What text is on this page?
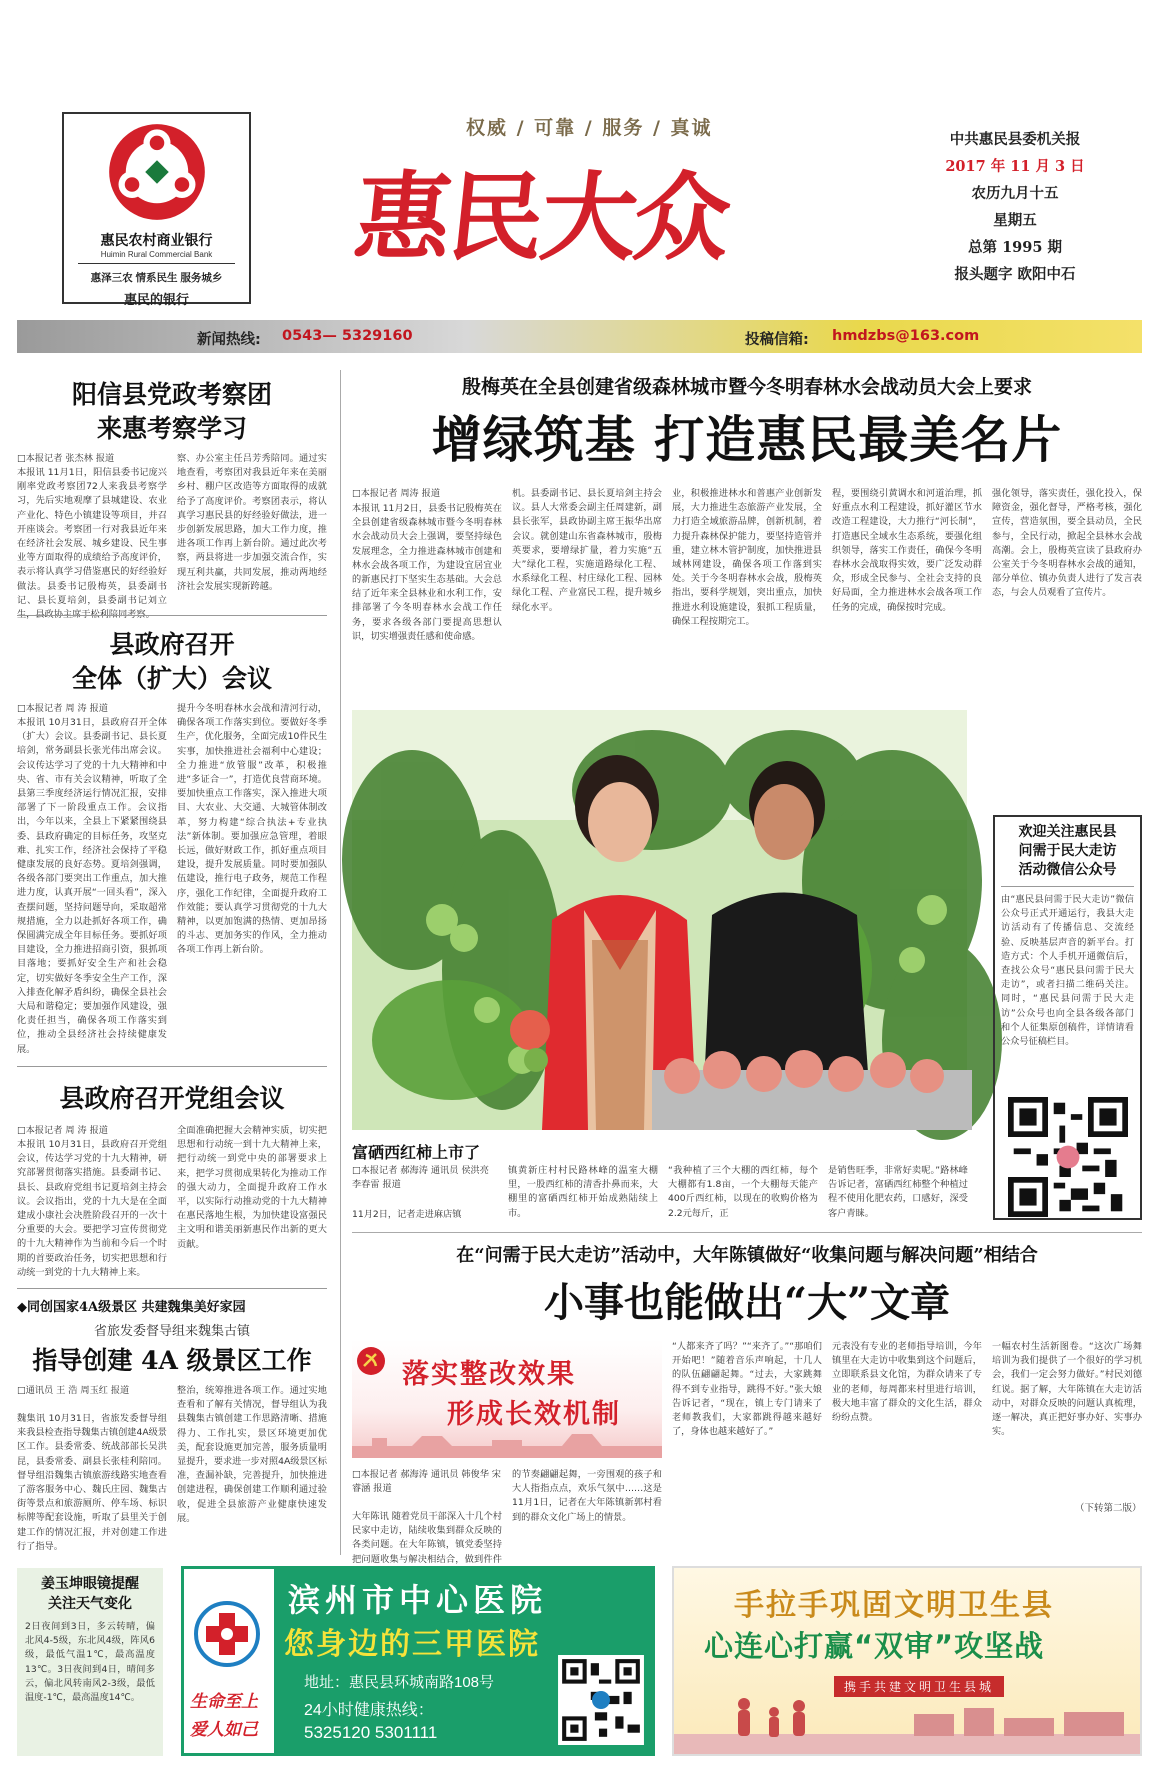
惠民农村商业银行
Huimin Rural Commercial Bank
惠泽三农 情系民生 服务城乡
惠民的银行
权威 / 可靠 / 服务 / 真诚
惠民大众
中共惠民县委机关报
2017 年 11 月 3 日
农历九月十五
星期五
总第 1995 期
报头题字 欧阳中石
新闻热线: 0543— 5329160	投稿信箱: hmdzbs@163.com
阳信县党政考察团
来惠考察学习
□本报记者 张杰林 报道
本报讯 11月1日，阳信县委书记庞兴刚率党政考察团72人来我县考察学习，先后实地观摩了县城建设、农业产业化、特色小镇建设等项目，并召开座谈会。考察团一行对我县近年来在经济社会发展、城乡建设、民生事业等方面取得的成绩给予高度评价，表示将认真学习借鉴惠民的好经验好做法。县委书记殷梅英，县委副书记、县长夏培剑，县委副书记刘立
察、办公室主任吕芳秀陪同。通过实地查看，考察团对我县近年来在美丽乡村、棚户区改造等方面取得的成就给予了高度评价。考察团表示，将认真学习惠民县的好经验好做法，进一步创新发展思路，加大工作力度，推进各项工作再上新台阶。通过此次考察，两县将进一步加强交流合作，实现互利共赢，共同发展，推动两地经济社会发展实现新跨越。
县政府召开
全体（扩大）会议
□本报记者 周 涛 报道
本报讯 10月31日，县政府召开全体（扩大）会议。县委副书记、县长夏培剑，常务副县长张光伟出席会议。会议传达学习了党的十九大精神和中央、省、市有关会议精神，听取了全县第三季度经济运行情况汇报，安排部署了下一阶段重点工作。会议指出，今年以来，全县上下紧紧围绕县委、县政府确定的目标任务，攻坚克难、扎实工作，经济社会保持了平稳健康发展的良好态势。夏培剑强调，各级各部门要突出工作重点，加大推进力度，认真开展“一回头看”，深入查摆问题，坚持问题导向，采取超常规措施，全力以赴抓好各项工作，确保圆满完成全年目标任务。要抓好项目建设，全力推进招商引资，狠抓项目落地；要抓好安全生产和社会稳定，切实做好冬季安全生产工作，深入排查化解矛盾纠纷，确保全县社会大局和谐稳定；要加强作风建设，强化责任担当，确保各项工作落实到位，推动全县经济社会持续健康发展。
提升今冬明春林水会战和清河行动，确保各项工作落实到位。要做好冬季生产，优化服务，全面完成10件民生实事，加快推进社会福利中心建设；全力推进“放管服”改革，积极推进“多证合一”，打造优良营商环境。要加快重点工作落实，深入推进大项目、大农业、大交通、大城管体制改革，努力构建“综合执法+专业执法”新体制。要加强应急管理，着眼长远，做好财政工作，抓好重点项目建设，提升发展质量。同时要加强队伍建设，推行电子政务，规范工作程序，强化工作纪律，全面提升政府工作效能；要认真学习贯彻党的十九大精神，以更加饱满的热情、更加昂扬的斗志、更加务实的作风，全力推动各项工作再上新台阶。
县政府召开党组会议
□本报记者 周 涛 报道
本报讯 10月31日，县政府召开党组会议，传达学习党的十九大精神，研究部署贯彻落实措施。县委副书记、县长、县政府党组书记夏培剑主持会议。会议指出，党的十九大是在全面建成小康社会决胜阶段召开的一次十分重要的大会。要把学习宣传贯彻党的十九大精神作为当前和今后一个时期的首要政治任务，切实把思想和行动统一到党的十九大精神上来。
全面准确把握大会精神实质，切实把思想和行动统一到十九大精神上来，把行动统一到党中央的部署要求上来，把学习贯彻成果转化为推动工作的强大动力，全面提升政府工作水平，以实际行动推动党的十九大精神在惠民落地生根，为加快建设富强民主文明和谐美丽新惠民作出新的更大贡献。
◆同创国家4A级景区 共建魏集美好家园
省旅发委督导组来魏集古镇
指导创建 4A 级景区工作
□通讯员 王 浩 周玉红 报道
魏集讯 10月31日，省旅发委督导组来我县检查指导魏集古镇创建4A级景区工作。县委常委、统战部部长吴洪昆，县委常委、副县长张桂利陪同。督导组沿魏集古镇旅游线路实地查看了游客服务中心、魏氏庄园、魏集古街等景点和旅游厕所、停车场、标识标牌等配套设施，听取了县里关于创建工作的情况汇报，并对创建工作进行了指导。
整治，统筹推进各项工作。通过实地查看和了解有关情况，督导组认为我县魏集古镇创建工作思路清晰、措施得力、工作扎实，景区环境更加优美，配套设施更加完善，服务质量明显提升，要求进一步对照4A级景区标准，查漏补缺，完善提升，加快推进创建进程，确保创建工作顺利通过验收，促进全县旅游产业健康快速发展。
殷梅英在全县创建省级森林城市暨今冬明春林水会战动员大会上要求
增绿筑基 打造惠民最美名片
□本报记者 周涛 报道
本报讯 11月2日，县委书记殷梅英在全县创建省级森林城市暨今冬明春林水会战动员大会上强调，要坚持绿色发展理念，全力推进森林城市创建和林水会战各项工作，为建设宜居宜业的新惠民打下坚实生态基础。大会总结了近年来全县林业和水利工作，安排部署了今冬明春林水会战工作任务，要求各级各部门要提高思想认识，切实增强责任感和使命感。
机。县委副书记、县长夏培剑主持会议。县人大常委会副主任周建新，副县长张军，县政协副主席王振华出席会议。就创建山东省森林城市，殷梅英要求，要增绿扩量，着力实施“五大”绿化工程，实施道路绿化工程、水系绿化工程、村庄绿化工程、园林绿化工程、产业富民工程，提升城乡绿化水平。
业，积极推进林水和普惠产业创新发展，大力推进生态旅游产业发展，全力打造全域旅游品牌，创新机制，着力提升森林保护能力，要坚持造管并重，建立林木管护制度，加快推进县域林网建设，确保各项工作落到实处。关于今冬明春林水会战，殷梅英指出，要科学规划，突出重点，加快推进水利设施建设，狠抓工程质量，确保工程按期完工。
程，要围绕引黄调水和河道治理，抓好重点水利工程建设，抓好灌区节水改造工程建设，大力推行“河长制”，打造惠民全域水生态系统，要强化组织领导，落实工作责任，确保今冬明春林水会战取得实效，要广泛发动群众，形成全民参与、全社会支持的良好局面，全力推进林水会战各项工作任务的完成，确保按时完成。
强化领导，落实责任，强化投入，保障资金，强化督导，严格考核，强化宣传，营造氛围，要全县动员，全民参与，全民行动，掀起全县林水会战高潮。会上，殷梅英宣读了县政府办公室关于今冬明春林水会战的通知，部分单位、镇办负责人进行了发言表态，与会人员观看了宣传片。
富硒西红柿上市了
□本报记者 郝海涛 通讯员 侯洪亮 李春雷 报道
11月2日，记者走进麻店镇
镇黄新庄村村民路林峰的温室大棚里，一股西红柿的清香扑鼻而来，大棚里的富硒西红柿开始成熟陆续上市。
“我种植了三个大棚的西红柿，每个大棚都有1.8亩，一个大棚每天能产400斤西红柿，以现在的收购价格为2.2元每斤，正
是销售旺季，非常好卖呢。”路林峰告诉记者，富硒西红柿整个种植过程不使用化肥农药，口感好，深受客户青睐。
欢迎关注惠民县
问需于民大走访
活动微信公众号
由“惠民县问需于民大走访”微信公众号正式开通运行，我县大走访活动有了传播信息、交流经验、反映基层声音的新平台。打造方式：个人手机开通微信后，查找公众号“惠民县问需于民大走访”，或者扫描二维码关注。同时，“惠民县问需于民大走访”公众号也向全县各级各部门和个人征集原创稿件，详情请看公众号征稿栏目。
在“问需于民大走访”活动中，大年陈镇做好“收集问题与解决问题”相结合
小事也能做出“大”文章
落实整改效果
形成长效机制
□本报记者 郝海涛 通讯员 韩俊华 宋睿涵 报道
大年陈讯 随着党员干部深入十几个村民家中走访，陆续收集到群众反映的各类问题。在大年陈镇，镇党委坚持把问题收集与解决相结合，做到件件
的节奏翩翩起舞，一旁围观的孩子和大人指指点点，欢乐气氛中……这是11月1日，记者在大年陈镇新郭村看到的群众文化广场上的情景。
“人都来齐了吗？”“来齐了。”“那咱们开始吧！”随着音乐声响起，十几人的队伍翩翩起舞。“过去，大家跳舞得不到专业指导，跳得不好。”张大娘告诉记者，“现在，镇上专门请来了老师教我们，大家都跳得越来越好了，身体也越来越好了。”
元表没有专业的老师指导培训，今年镇里在大走访中收集到这个问题后，立即联系县文化馆，为群众请来了专业的老师，每周都来村里进行培训，极大地丰富了群众的文化生活，群众纷纷点赞。
一幅农村生活新图卷。“这次广场舞培训为我们提供了一个很好的学习机会，我们一定会努力做好。”村民刘德红说。据了解，大年陈镇在大走访活动中，对群众反映的问题认真梳理，逐一解决，真正把好事办好、实事办实。
（下转第二版）
姜玉坤眼镜提醒
关注天气变化
2日夜间到3日，多云转晴，偏北风4-5级，东北风4级，阵风6级，最低气温1℃，最高温度13℃。3日夜间到4日，晴间多云，偏北风转南风2-3级，最低温度-1℃，最高温度14℃。	生命至上
爱人如己
滨州市中心医院
您身边的三甲医院
地址：惠民县环城南路108号
24小时健康热线：
5325120 5301111
手拉手巩固文明卫生县
心连心打赢“双审”攻坚战
携手共建文明卫生县城
